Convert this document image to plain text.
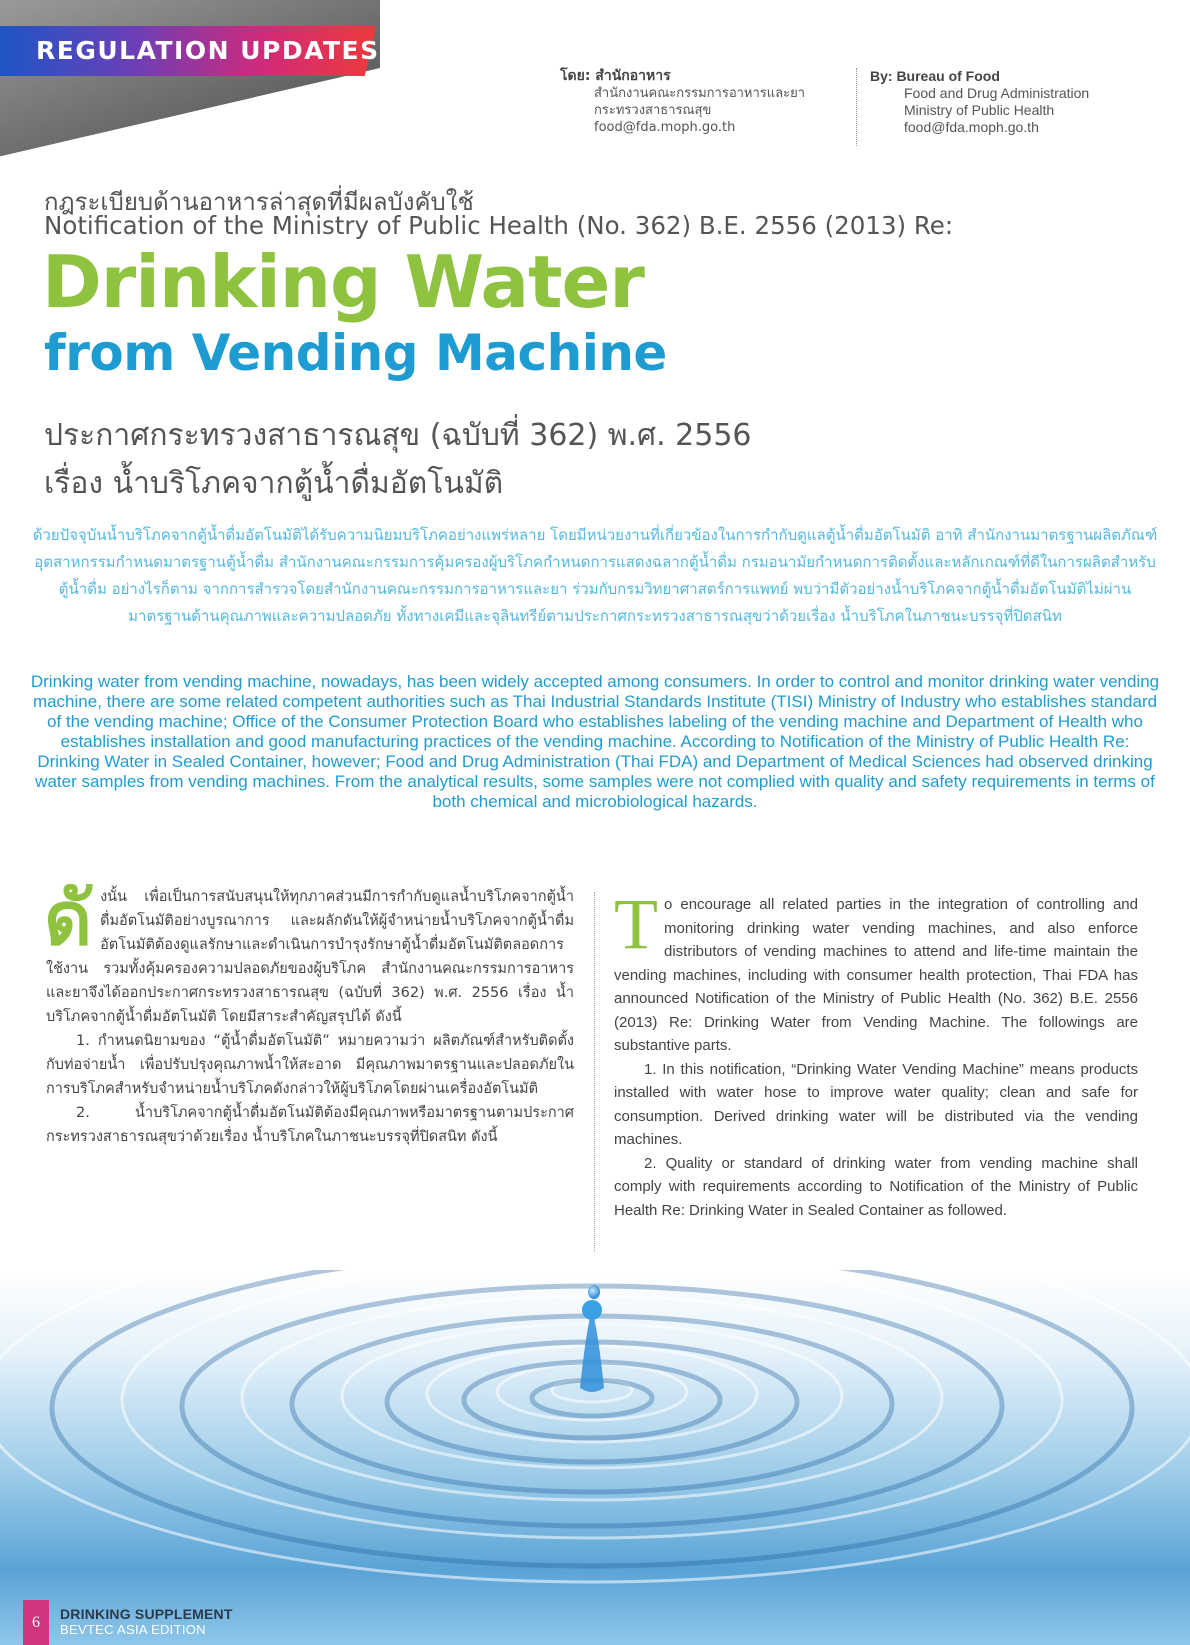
REGULATION UPDATES
โดย: สำนักอาหาร
สำนักงานคณะกรรมการอาหารและยา
กระทรวงสาธารณสุข
food@fda.moph.go.th
By: Bureau of Food
Food and Drug Administration
Ministry of Public Health
food@fda.moph.go.th
กฎระเบียบด้านอาหารล่าสุดที่มีผลบังคับใช้
Notification of the Ministry of Public Health (No. 362) B.E. 2556 (2013) Re:
Drinking Water
from Vending Machine
ประกาศกระทรวงสาธารณสุข (ฉบับที่ 362) พ.ศ. 2556
เรื่อง น้ำบริโภคจากตู้น้ำดื่มอัตโนมัติ
ด้วยปัจจุบันน้ำบริโภคจากตู้น้ำดื่มอัตโนมัติได้รับความนิยมบริโภคอย่างแพร่หลาย โดยมีหน่วยงานที่เกี่ยวข้องในการกำกับดูแลตู้น้ำดื่มอัตโนมัติ อาทิ สำนักงานมาตรฐานผลิตภัณฑ์อุตสาหกรรมกำหนดมาตรฐานตู้น้ำดื่ม สำนักงานคณะกรรมการคุ้มครองผู้บริโภคกำหนดการแสดงฉลากตู้น้ำดื่ม กรมอนามัยกำหนดการติดตั้งและหลักเกณฑ์ที่ดีในการผลิตสำหรับตู้น้ำดื่ม อย่างไรก็ตาม จากการสำรวจโดยสำนักงานคณะกรรมการอาหารและยา ร่วมกับกรมวิทยาศาสตร์การแพทย์ พบว่ามีตัวอย่างน้ำบริโภคจากตู้น้ำดื่มอัตโนมัติไม่ผ่านมาตรฐานด้านคุณภาพและความปลอดภัย ทั้งทางเคมีและจุลินทรีย์ตามประกาศกระทรวงสาธารณสุขว่าด้วยเรื่อง น้ำบริโภคในภาชนะบรรจุที่ปิดสนิท
Drinking water from vending machine, nowadays, has been widely accepted among consumers. In order to control and monitor drinking water vending machine, there are some related competent authorities such as Thai Industrial Standards Institute (TISI) Ministry of Industry who establishes standard of the vending machine; Office of the Consumer Protection Board who establishes labeling of the vending machine and Department of Health who establishes installation and good manufacturing practices of the vending machine. According to Notification of the Ministry of Public Health Re: Drinking Water in Sealed Container, however; Food and Drug Administration (Thai FDA) and Department of Medical Sciences had observed drinking water samples from vending machines. From the analytical results, some samples were not complied with quality and safety requirements in terms of both chemical and microbiological hazards.

ดั งนั้น เพื่อเป็นการสนับสนุนให้ทุกภาคส่วนมีการกำกับดูแลน้ำบริโภคจากตู้น้ำดื่มอัตโนมัติอย่างบูรณาการ และผลักดันให้ผู้จำหน่ายน้ำบริโภคจากตู้น้ำดื่มอัตโนมัติต้องดูแลรักษาและดำเนินการบำรุงรักษาตู้น้ำดื่มอัตโนมัติตลอดการใช้งาน รวมทั้งคุ้มครองความปลอดภัยของผู้บริโภค สำนักงานคณะกรรมการอาหารและยาจึงได้ออกประกาศกระทรวงสาธารณสุข (ฉบับที่ 362) พ.ศ. 2556 เรื่อง น้ำบริโภคจากตู้น้ำดื่มอัตโนมัติ โดยมีสาระสำคัญสรุปได้ ดังนี้

1. กำหนดนิยามของ “ตู้น้ำดื่มอัตโนมัติ” หมายความว่า ผลิตภัณฑ์สำหรับติดตั้งกับท่อจ่ายน้ำ เพื่อปรับปรุงคุณภาพน้ำให้สะอาด มีคุณภาพมาตรฐานและปลอดภัยในการบริโภคสำหรับจำหน่ายน้ำบริโภคดังกล่าวให้ผู้บริโภคโดยผ่านเครื่องอัตโนมัติ

2. น้ำบริโภคจากตู้น้ำดื่มอัตโนมัติต้องมีคุณภาพหรือมาตรฐานตามประกาศกระทรวงสาธารณสุขว่าด้วยเรื่อง น้ำบริโภคในภาชนะบรรจุที่ปิดสนิท ดังนี้

T o encourage all related parties in the integration of controlling and monitoring drinking water vending machines, and also enforce distributors of vending machines to attend and life-time maintain the vending machines, including with consumer health protection, Thai FDA has announced Notification of the Ministry of Public Health (No. 362) B.E. 2556 (2013) Re: Drinking Water from Vending Machine. The followings are substantive parts.

1. In this notification, “Drinking Water Vending Machine” means products installed with water hose to improve water quality; clean and safe for consumption. Derived drinking water will be distributed via the vending machines.

2. Quality or standard of drinking water from vending machine shall comply with requirements according to Notification of the Ministry of Public Health Re: Drinking Water in Sealed Container as followed.

6	DRINKING SUPPLEMENT
BEVTEC ASIA EDITION
